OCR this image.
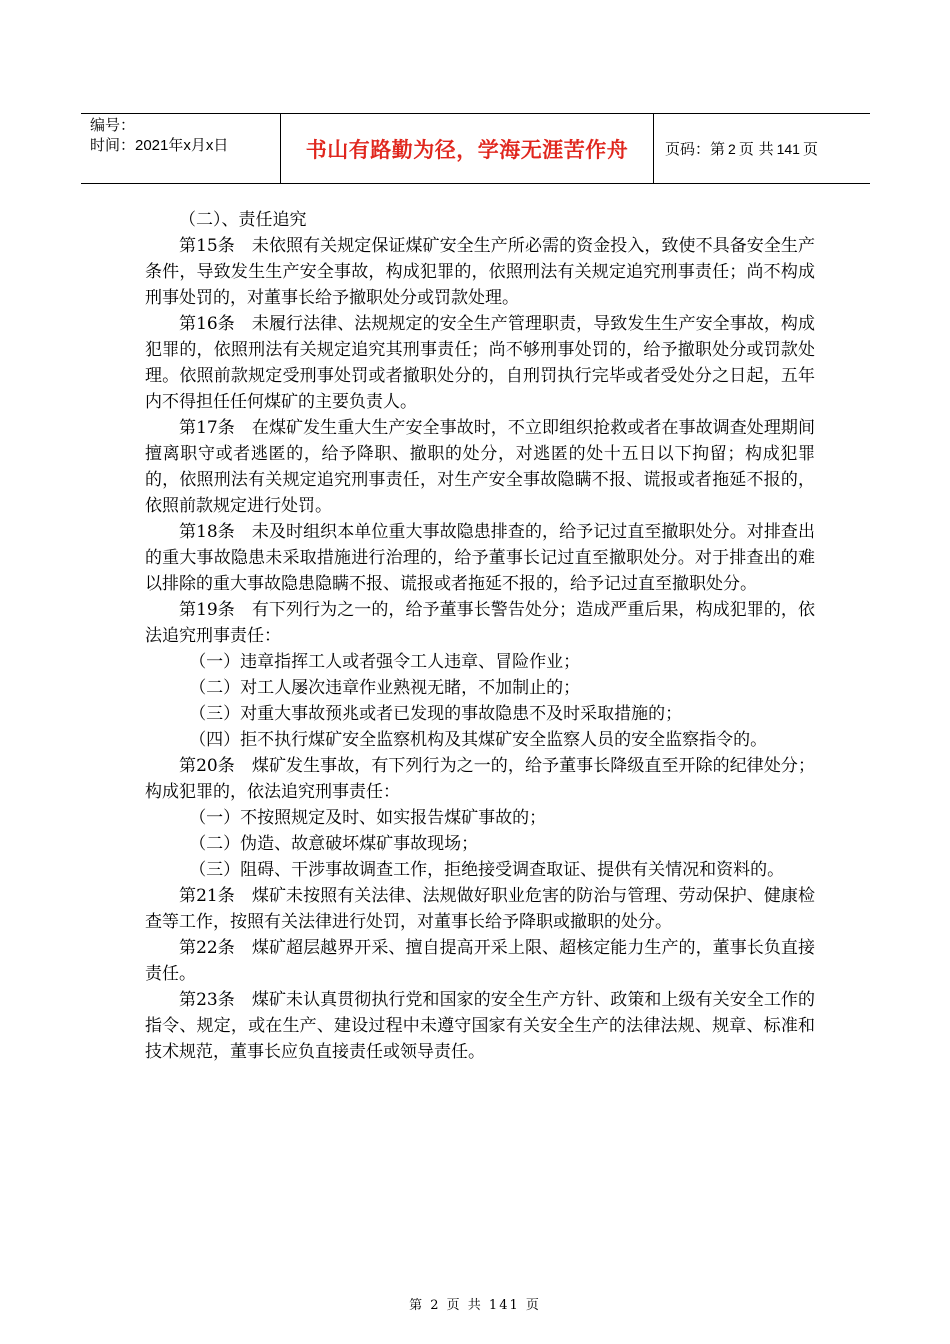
编号：
时间：2021年x月x日	书山有路勤为径，学海无涯苦作舟 页码：第 2 页 共 141 页

（二）、责任追究

第15条　未依照有关规定保证煤矿安全生产所必需的资金投入，致使不具备安全生产条件，导致发生生产安全事故，构成犯罪的，依照刑法有关规定追究刑事责任；尚不构成刑事处罚的，对董事长给予撤职处分或罚款处理。

第16条　未履行法律、法规规定的安全生产管理职责，导致发生生产安全事故，构成犯罪的，依照刑法有关规定追究其刑事责任；尚不够刑事处罚的，给予撤职处分或罚款处理。依照前款规定受刑事处罚或者撤职处分的，自刑罚执行完毕或者受处分之日起，五年内不得担任任何煤矿的主要负责人。

第17条　在煤矿发生重大生产安全事故时，不立即组织抢救或者在事故调查处理期间擅离职守或者逃匿的，给予降职、撤职的处分，对逃匿的处十五日以下拘留；构成犯罪的，依照刑法有关规定追究刑事责任，对生产安全事故隐瞒不报、谎报或者拖延不报的，依照前款规定进行处罚。

第18条　未及时组织本单位重大事故隐患排查的，给予记过直至撤职处分。对排查出的重大事故隐患未采取措施进行治理的，给予董事长记过直至撤职处分。对于排查出的难以排除的重大事故隐患隐瞒不报、谎报或者拖延不报的，给予记过直至撤职处分。

第19条　有下列行为之一的，给予董事长警告处分；造成严重后果，构成犯罪的，依法追究刑事责任：

（一）违章指挥工人或者强令工人违章、冒险作业；

（二）对工人屡次违章作业熟视无睹，不加制止的；

（三）对重大事故预兆或者已发现的事故隐患不及时采取措施的；

（四）拒不执行煤矿安全监察机构及其煤矿安全监察人员的安全监察指令的。

第20条　煤矿发生事故，有下列行为之一的，给予董事长降级直至开除的纪律处分；构成犯罪的，依法追究刑事责任：

（一）不按照规定及时、如实报告煤矿事故的；

（二）伪造、故意破坏煤矿事故现场；

（三）阻碍、干涉事故调查工作，拒绝接受调查取证、提供有关情况和资料的。

第21条　煤矿未按照有关法律、法规做好职业危害的防治与管理、劳动保护、健康检查等工作，按照有关法律进行处罚，对董事长给予降职或撤职的处分。

第22条　煤矿超层越界开采、擅自提高开采上限、超核定能力生产的，董事长负直接责任。

第23条　煤矿未认真贯彻执行党和国家的安全生产方针、政策和上级有关安全工作的指令、规定，或在生产、建设过程中未遵守国家有关安全生产的法律法规、规章、标准和技术规范，董事长应负直接责任或领导责任。

第 2 页 共 141 页
